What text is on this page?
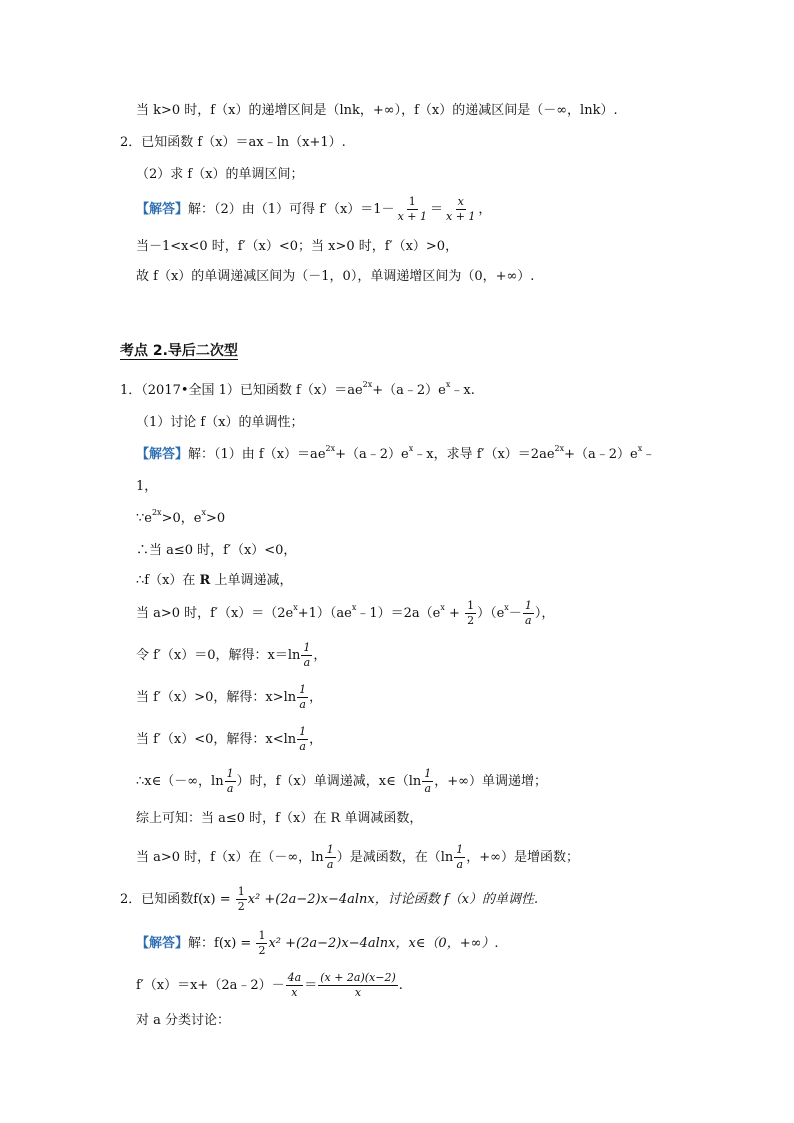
当 k>0 时，f（x）的递增区间是（lnk，+∞），f（x）的递减区间是（－∞，lnk）.
2．已知函数 f（x）＝ax﹣ln（x+1）.
（2）求 f（x）的单调区间；
【解答】 解：（2）由（1）可得 $f'(x)=1- \frac{1}{x + 1} = \frac{x}{x + 1}$ ，
当－1<x<0 时，f′（x）<0；当 x>0 时，f′（x）>0，
故 f（x）的单调递减区间为（－1，0），单调递增区间为（0，+∞）.
考点 2.导后二次型
1．（2017•全国 1）已知函数 f（x）＝ae 2x +（a﹣2）e x ﹣x.
（1）讨论 f（x）的单调性；
【解答】 解：（1）由 f（x）＝ae 2x +（a﹣2）e x ﹣x，求导 f′（x）＝2ae 2x +（a﹣2）e x ﹣
1，
∵e 2x >0，e x >0
∴当 a≤0 时，f′（x）<0，
∴f（x）在 R 上单调递减，
当 a>0 时，f′（x）＝（2e x +1）（ae x ﹣1）＝2a（e $x + \frac{1}{2} )(e$ $x - \frac{1}{a}$ ），
令 f′（x）＝0，解得：$x=\ln \frac{1}{a}$ ，
当 f′（x）>0，解得：$x>\ln \frac{1}{a}$ ，
当 f′（x）<0，解得：$x<\ln \frac{1}{a}$ ，
∴x∈（－∞，$\ln \frac{1}{a}$ ）时，f（x）单调递减，x∈（ln $\frac{1}{a}$ ，+∞）单调递增；
综上可知：当 a≤0 时，f（x）在 R 单调减函数，
当 a>0 时，f（x）在（－∞，$\ln \frac{1}{a}$ ）是减函数，在（$\ln \frac{1}{a}$ ，+∞）是增函数；
2．已知函数$f(x) = \frac{1}{2} x^2 +(2a-2)x-4alnx$，讨论函数 f（x）的单调性.
【解答】 解：$f(x) = \frac{1}{2} x^2 +(2a-2)x-4alnx$，x∈（0，+∞）.
f′（x）＝x+（2a﹣2）－ $\frac{4a}{x} = \frac{(x + 2a)(x-2)}{x}$ .
对 a 分类讨论：
